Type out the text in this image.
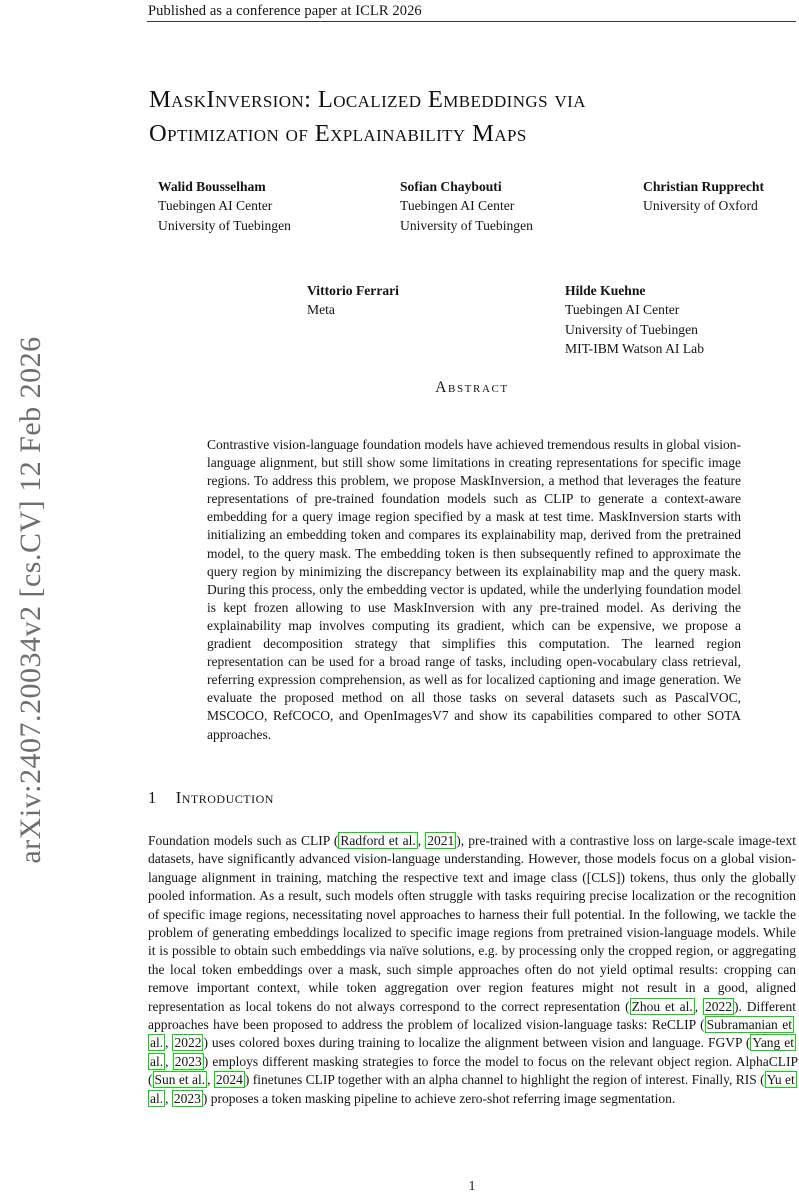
Published as a conference paper at ICLR 2026
arXiv:2407.20034v2 [cs.CV] 12 Feb 2026
MaskInversion: Localized Embeddings via
Optimization of Explainability Maps
Walid Bousselham
Tuebingen AI Center
University of Tuebingen
Sofian Chaybouti
Tuebingen AI Center
University of Tuebingen
Christian Rupprecht
University of Oxford
Vittorio Ferrari
Meta
Hilde Kuehne
Tuebingen AI Center
University of Tuebingen
MIT-IBM Watson AI Lab
Abstract
Contrastive vision-language foundation models have achieved tremendous results in global vision-language alignment, but still show some limitations in creating representations for specific image regions. To address this problem, we propose MaskInversion, a method that leverages the feature representations of pre-trained foundation models such as CLIP to generate a context-aware embedding for a query image region specified by a mask at test time. MaskInversion starts with initializing an embedding token and compares its explainability map, derived from the pretrained model, to the query mask. The embedding token is then subsequently refined to approximate the query region by minimizing the discrepancy between its explainability map and the query mask. During this process, only the embedding vector is updated, while the underlying foundation model is kept frozen allowing to use MaskInversion with any pre-trained model. As deriving the explainability map involves computing its gradient, which can be expensive, we propose a gradient decomposition strategy that simplifies this computation. The learned region representation can be used for a broad range of tasks, including open-vocabulary class retrieval, referring expression comprehension, as well as for localized captioning and image generation. We evaluate the proposed method on all those tasks on several datasets such as PascalVOC, MSCOCO, RefCOCO, and OpenImagesV7 and show its capabilities compared to other SOTA approaches.
1 Introduction
Foundation models such as CLIP ( Radford et al. , 2021 ), pre-trained with a contrastive loss on large-scale image-text datasets, have significantly advanced vision-language understanding. However, those models focus on a global vision-language alignment in training, matching the respective text and image class ([CLS]) tokens, thus only the globally pooled information. As a result, such models often struggle with tasks requiring precise localization or the recognition of specific image regions, necessitating novel approaches to harness their full potential. In the following, we tackle the problem of generating embeddings localized to specific image regions from pretrained vision-language models. While it is possible to obtain such embeddings via naïve solutions, e.g. by processing only the cropped region, or aggregating the local token embeddings over a mask, such simple approaches often do not yield optimal results: cropping can remove important context, while token aggregation over region features might not result in a good, aligned representation as local tokens do not always correspond to the correct representation ( Zhou et al. , 2022 ). Different approaches have been proposed to address the problem of localized vision-language tasks: ReCLIP ( Subramanian et al. , 2022 ) uses colored boxes during training to localize the alignment between vision and language. FGVP ( Yang et al. , 2023 ) employs different masking strategies to force the model to focus on the relevant object region. AlphaCLIP ( Sun et al. , 2024 ) finetunes CLIP together with an alpha channel to highlight the region of interest. Finally, RIS ( Yu et al. , 2023 ) proposes a token masking pipeline to achieve zero-shot referring image segmentation.
1
